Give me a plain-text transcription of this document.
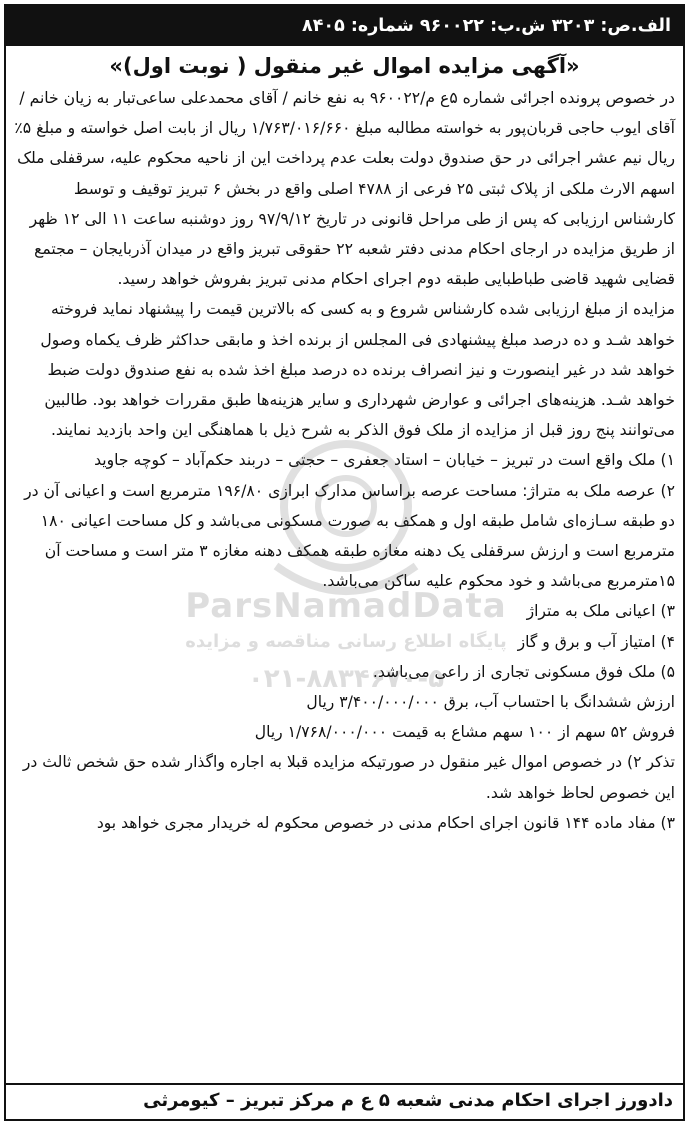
الف.ص: ۳۲۰۳ ش.ب: ۹۶۰۰۲۲ شماره: ۸۴۰۵
«آگهی مزایده اموال غیر منقول ( نوبت اول)»

در خصوص پرونده اجرائی شماره ۵ع م/۹۶۰۰۲۲ به نفع خانم / آقای محمدعلی ساعی‌تبار به زیان خانم / آقای ایوب حاجی قربان‌پور به خواسته مطالبه مبلغ ۱/۷۶۳/۰۱۶/۶۶۰ ریال از بابت اصل خواسته و مبلغ ۵٪ ریال نیم عشر اجرائی در حق صندوق دولت بعلت عدم پرداخت این از ناحیه محکوم علیه، سرقفلی ملک اسهم الارث ملکی از پلاک ثبتی ۲۵ فرعی از ۴۷۸۸ اصلی واقع در بخش ۶ تبریز توقیف و توسط کارشناس ارزیابی که پس از طی مراحل قانونی در تاریخ ۹۷/۹/۱۲ روز دوشنبه ساعت ۱۱ الی ۱۲ ظهر از طریق مزایده در ارجای احکام مدنی دفتر شعبه ۲۲ حقوقی تبریز واقع در میدان آذربایجان – مجتمع قضایی شهید قاضی طباطبایی طبقه دوم اجرای احکام مدنی تبریز بفروش خواهد رسید.

مزایده از مبلغ ارزیابی شده کارشناس شروع و به کسی که بالاترین قیمت را پیشنهاد نماید فروخته خواهد شـد و ده درصد مبلغ پیشنهادی فی المجلس از برنده اخذ و مابقی حداکثر ظرف یکماه وصول خواهد شد در غیر اینصورت و نیز انصراف برنده ده درصد مبلغ اخذ شده به نفع صندوق دولت ضبط خواهد شـد. هزینه‌های اجرائی و عوارض شهرداری و سایر هزینه‌ها طبق مقررات خواهد بود. طالبین می‌توانند پنج روز قبل از مزایده از ملک فوق الذکر به شرح ذیل با هماهنگی این واحد بازدید نمایند.

۱) ملک واقع است در تبریز – خیابان – استاد جعفری – حجتی – دربند حکم‌آباد – کوچه جاوید

۲) عرصه ملک به متراژ: مساحت عرصه براساس مدارک ابرازی ۱۹۶/۸۰ مترمربع است و اعیانی آن در دو طبقه سـازه‌ای شامل طبقه اول و همکف به صورت مسکونی می‌باشد و کل مساحت اعیانی ۱۸۰ مترمربع است و ارزش سرقفلی یک دهنه مغازه طبقه همکف دهنه مغازه ۳ متر است و مساحت آن ۱۵مترمربع می‌باشد و خود محکوم علیه ساکن می‌باشد.

۳) اعیانی ملک به متراژ

۴) امتیاز آب و برق و گاز

۵) ملک فوق مسکونی تجاری از راعی می‌باشد.

ارزش ششدانگ با احتساب آب، برق ۳/۴۰۰/۰۰۰/۰۰۰ ریال

فروش ۵۲ سهم از ۱۰۰ سهم مشاع به قیمت ۱/۷۶۸/۰۰۰/۰۰۰ ریال

تذکر ۲) در خصوص اموال غیر منقول در صورتیکه مزایده قبلا به اجاره واگذار شده حق شخص ثالث در این خصوص لحاظ خواهد شد.

۳) مفاد ماده ۱۴۴ قانون اجرای احکام مدنی در خصوص محکوم له خریدار مجری خواهد بود

ParsNamadData
پایگاه اطلاع رسانی مناقصه و مزایده
۰۲۱-۸۸۳۴۶۷۰-۵
دادورز اجرای احکام مدنی شعبه ۵ ع م مرکز تبریز – کیومرثی
